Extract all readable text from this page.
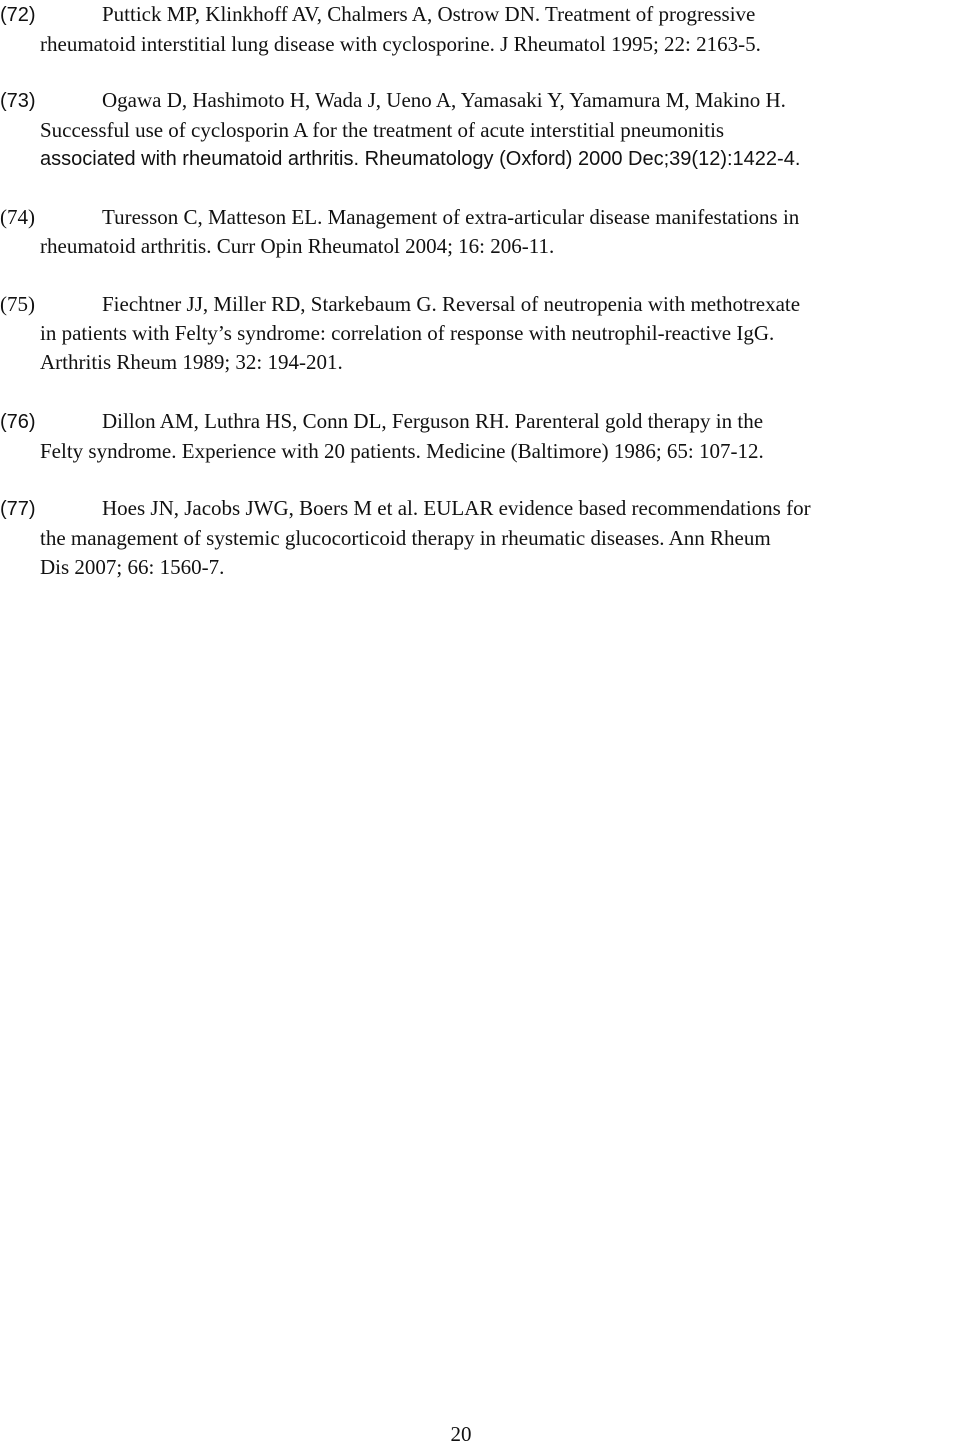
(72)	Puttick MP, Klinkhoff AV, Chalmers A, Ostrow DN. Treatment of progressive

rheumatoid interstitial lung disease with cyclosporine. J Rheumatol 1995; 22: 2163-5.

(73)	Ogawa D, Hashimoto H, Wada J, Ueno A, Yamasaki Y, Yamamura M, Makino H.

Successful use of cyclosporin A for the treatment of acute interstitial pneumonitis

associated with rheumatoid arthritis. Rheumatology (Oxford) 2000 Dec;39(12):1422-4.

(74)	Turesson C, Matteson EL. Management of extra-articular disease manifestations in

rheumatoid arthritis. Curr Opin Rheumatol 2004; 16: 206-11.

(75)	Fiechtner JJ, Miller RD, Starkebaum G. Reversal of neutropenia with methotrexate

in patients with Felty’s syndrome: correlation of response with neutrophil-reactive IgG.

Arthritis Rheum 1989; 32: 194-201.

(76)	Dillon AM, Luthra HS, Conn DL, Ferguson RH. Parenteral gold therapy in the

Felty syndrome. Experience with 20 patients. Medicine (Baltimore) 1986; 65: 107-12.

(77)	Hoes JN, Jacobs JWG, Boers M et al. EULAR evidence based recommendations for

the management of systemic glucocorticoid therapy in rheumatic diseases. Ann Rheum

Dis 2007; 66: 1560-7.

20
